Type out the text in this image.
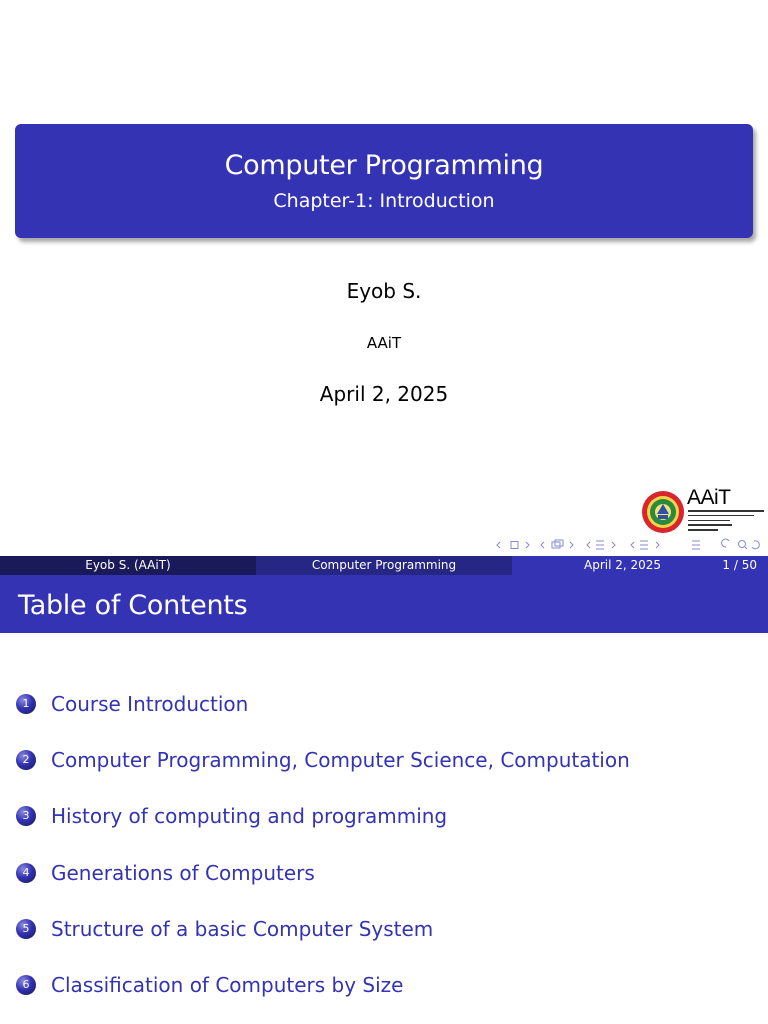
Computer Programming
Chapter-1: Introduction
Eyob S.
AAiT
April 2, 2025
AAiT
Eyob S. (AAiT)	Computer Programming	April 2, 2025	1 / 50
Table of Contents
1	Course Introduction
2	Computer Programming, Computer Science, Computation
3	History of computing and programming
4	Generations of Computers
5	Structure of a basic Computer System
6	Classification of Computers by Size
